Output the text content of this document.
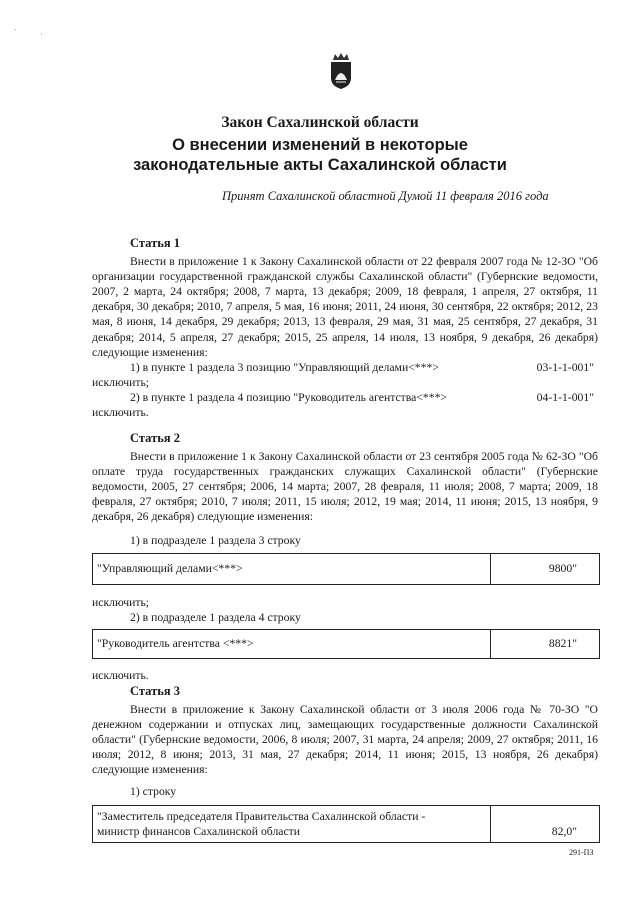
Закон Сахалинской области
О внесении изменений в некоторые
законодательные акты Сахалинской области
Принят Сахалинской областной Думой 11 февраля 2016 года
Статья 1
Внести в приложение 1 к Закону Сахалинской области от 22 февраля 2007 года № 12-ЗО "Об организации государственной гражданской службы Сахалинской области" (Губернские ведомости, 2007, 2 марта, 24 октября; 2008, 7 марта, 13 декабря; 2009, 18 февраля, 1 апреля, 27 октября, 11 декабря, 30 декабря; 2010, 7 апреля, 5 мая, 16 июня; 2011, 24 июня, 30 сентября, 22 октября; 2012, 23 мая, 8 июня, 14 декабря, 29 декабря; 2013, 13 февраля, 29 мая, 31 мая, 25 сентября, 27 декабря, 31 декабря; 2014, 5 апреля, 27 декабря; 2015, 25 апреля, 14 июля, 13 ноября, 9 декабря, 26 декабря) следующие изменения:
1) в пункте 1 раздела 3 позицию "Управляющий делами<***>	03-1-1-001"
исключить;
2) в пункте 1 раздела 4 позицию "Руководитель агентства<***>	04-1-1-001"
исключить.
Статья 2
Внести в приложение 1 к Закону Сахалинской области от 23 сентября 2005 года № 62-ЗО "Об оплате труда государственных гражданских служащих Сахалинской области" (Губернские ведомости, 2005, 27 сентября; 2006, 14 марта; 2007, 28 февраля, 11 июля; 2008, 7 марта; 2009, 18 февраля, 27 октября; 2010, 7 июля; 2011, 15 июля; 2012, 19 мая; 2014, 11 июня; 2015, 13 ноября, 9 декабря, 26 декабря) следующие изменения:
1) в подразделе 1 раздела 3 строку
"Управляющий делами<***>	9800"
исключить;
2) в подразделе 1 раздела 4 строку
"Руководитель агентства <***>	8821"
исключить.
Статья 3
Внести в приложение к Закону Сахалинской области от 3 июля 2006 года № 70-ЗО "О денежном содержании и отпусках лиц, замещающих государственные должности Сахалинской области" (Губернские ведомости, 2006, 8 июля; 2007, 31 марта, 24 апреля; 2009, 27 октября; 2011, 16 июля; 2012, 8 июня; 2013, 31 мая, 27 декабря; 2014, 11 июня; 2015, 13 ноября, 26 декабря) следующие изменения:
1) строку
"Заместитель председателя Правительства Сахалинской области -
министр финансов Сахалинской области	82,0"
291-ПЗ
`	·
